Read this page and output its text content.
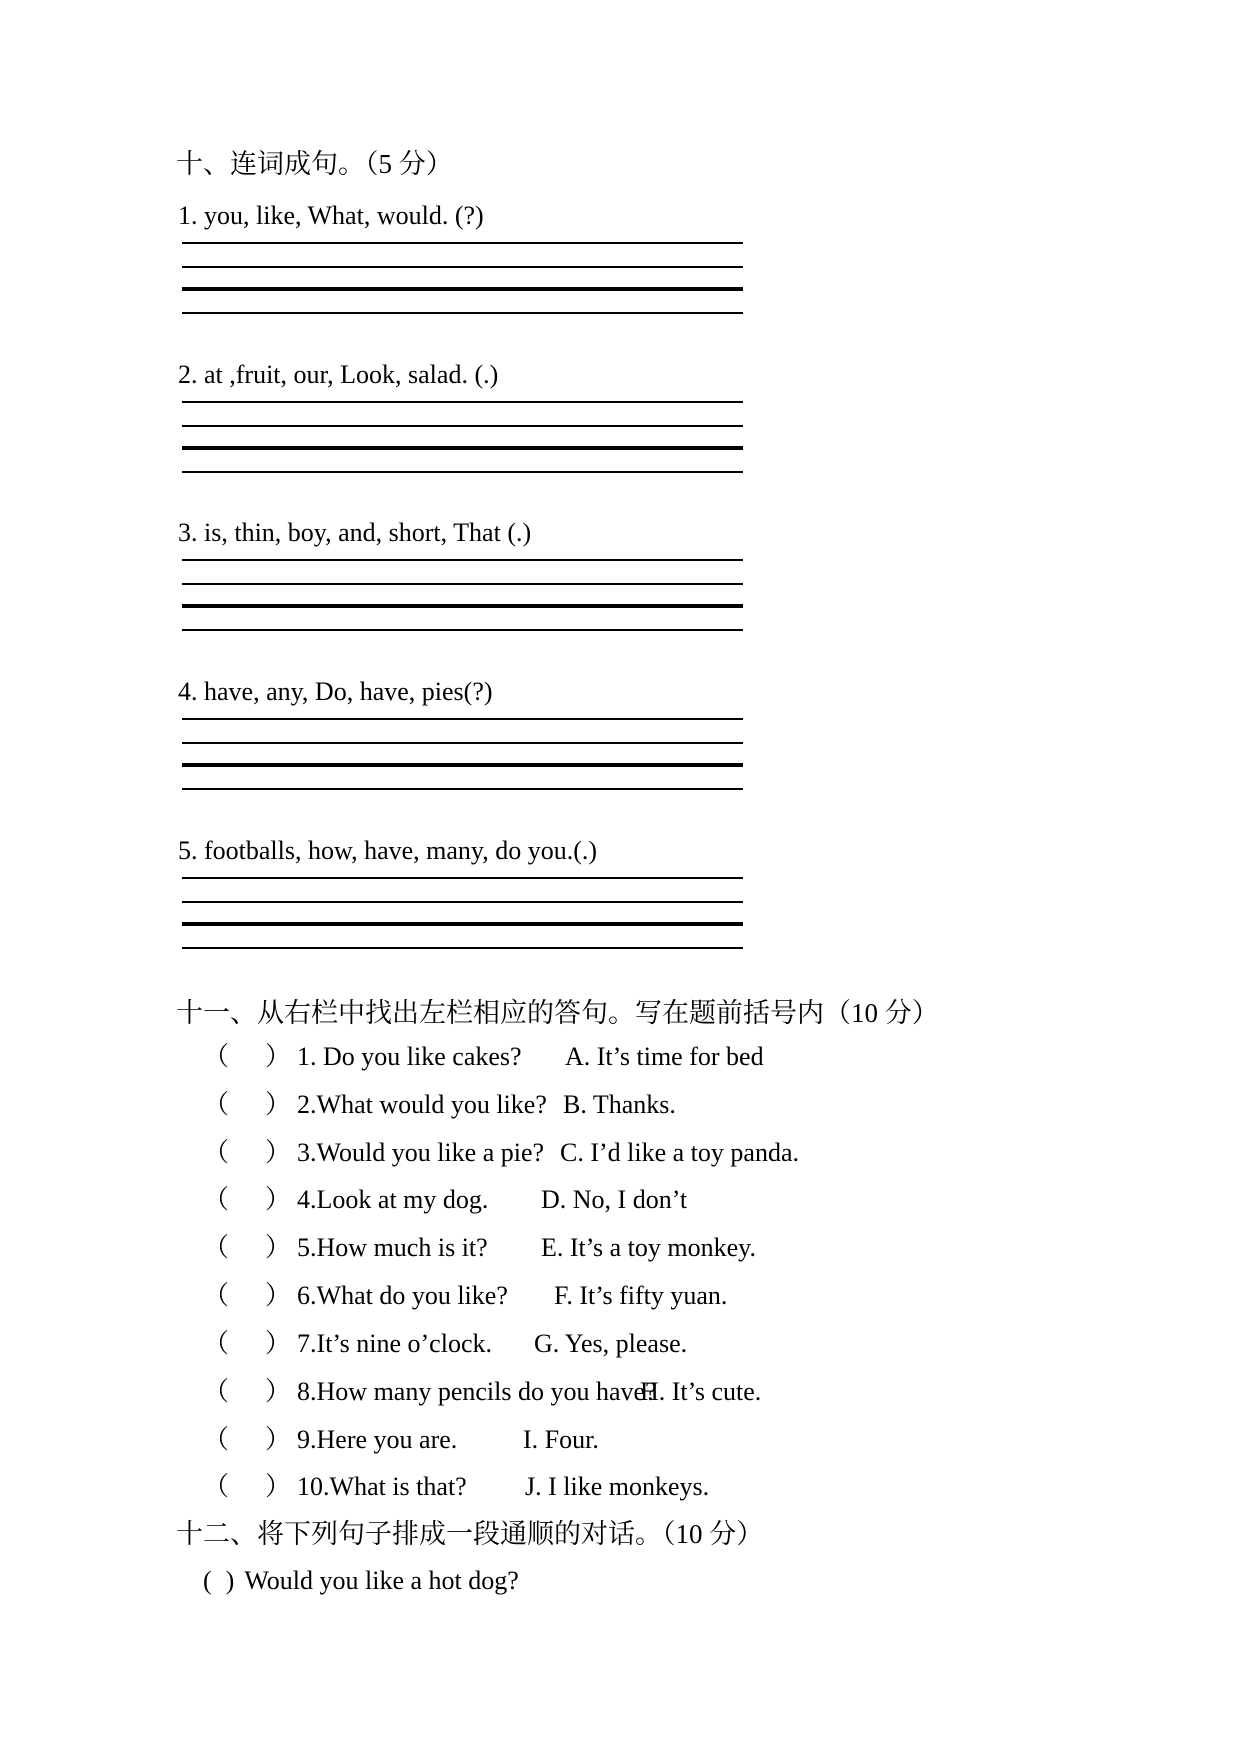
十、连词成句。（5 分）
1. you, like, What, would. (?)
2. at ,fruit, our, Look, salad. (.)
3. is, thin, boy, and, short, That (.)
4. have, any, Do, have, pies(?)
5. footballs, how, have, many, do you.(.)
十一、从右栏中找出左栏相应的答句。写在题前括号内（10 分）
（ ） 1. Do you like cakes? A. It’s time for bed
（ ） 2.What would you like? B. Thanks.
（ ） 3.Would you like a pie? C. I’d like a toy panda.
（ ） 4.Look at my dog. D. No, I don’t
（ ） 5.How much is it? E. It’s a toy monkey.
（ ） 6.What do you like? F. It’s fifty yuan.
（ ） 7.It’s nine o’clock. G. Yes, please.
（ ） 8.How many pencils do you have?
H. It’s cute.
（ ） 9.Here you are.	I. Four.
（ ） 10.What is that? J. I like monkeys.
十二、将下列句子排成一段通顺的对话。（10 分）
( ) Would you like a hot dog?
